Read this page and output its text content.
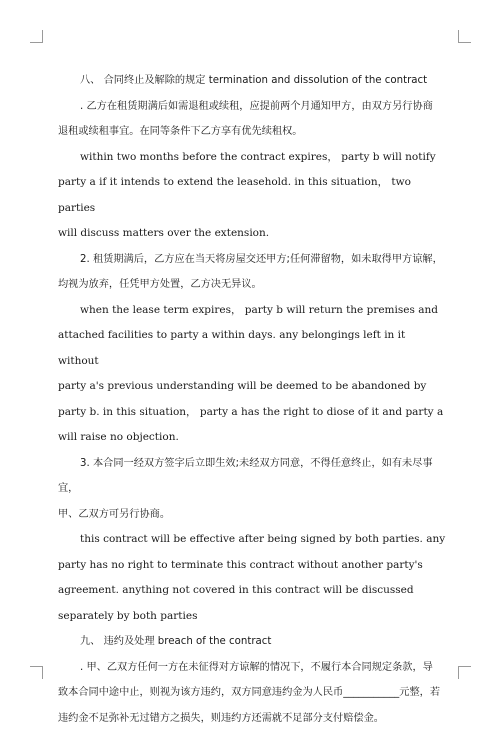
八、 合同终止及解除的规定 termination and dissolution of the contract
. 乙方在租赁期满后如需退租或续租，应提前两个月通知甲方，由双方另行协商
退租或续租事宜。在同等条件下乙方享有优先续租权。
within two months before the contract expires， party b will notify
party a if it intends to extend the leasehold. in this situation， two parties
will discuss matters over the extension.
2. 租赁期满后，乙方应在当天将房屋交还甲方;任何滞留物，如未取得甲方谅解，
均视为放弃，任凭甲方处置，乙方决无异议。
when the lease term expires， party b will return the premises and
attached facilities to party a within days. any belongings left in it without
party a's previous understanding will be deemed to be abandoned by
party b. in this situation， party a has the right to diose of it and party a
will raise no objection.
3. 本合同一经双方签字后立即生效;未经双方同意，不得任意终止，如有未尽事宜，
甲、乙双方可另行协商。
this contract will be effective after being signed by both parties. any
party has no right to terminate this contract without another party's
agreement. anything not covered in this contract will be discussed
separately by both parties
九、 违约及处理 breach of the contract
. 甲、乙双方任何一方在未征得对方谅解的情况下，不履行本合同规定条款，导
致本合同中途中止，则视为该方违约，双方同意违约金为人民币___________元整，若
违约金不足弥补无过错方之损失，则违约方还需就不足部分支付赔偿金。
